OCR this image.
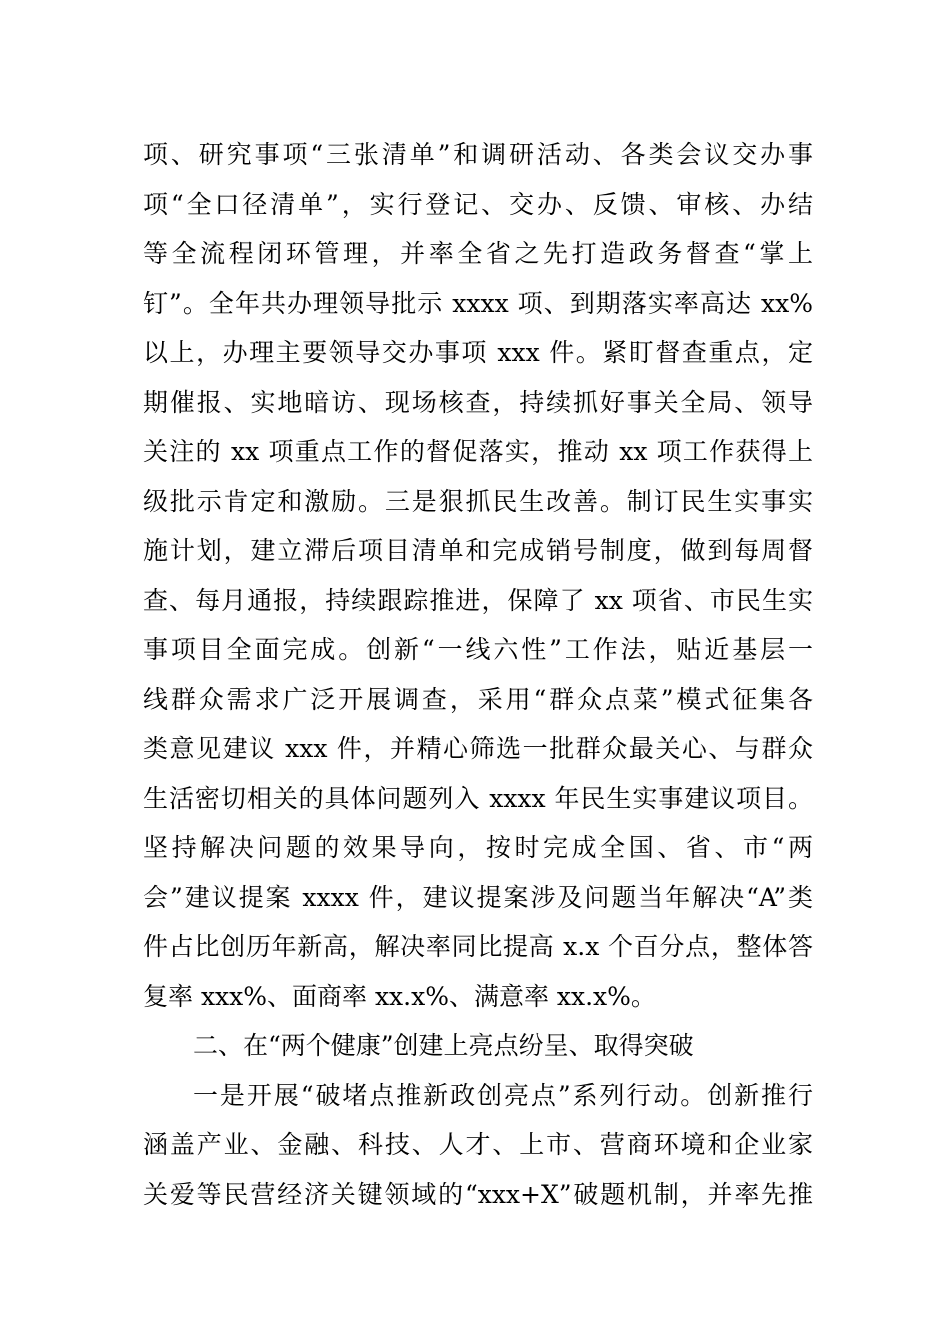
项、研究事项“三张清单”和调研活动、各类会议交办事
项“全口径清单”，实行登记、交办、反馈、审核、办结
等全流程闭环管理，并率全省之先打造政务督查“掌上
钉”。全年共办理领导批示 xxxx 项、到期落实率高达 xx%
以上，办理主要领导交办事项 xxx 件。紧盯督查重点，定
期催报、实地暗访、现场核查，持续抓好事关全局、领导
关注的 xx 项重点工作的督促落实，推动 xx 项工作获得上
级批示肯定和激励。三是狠抓民生改善。制订民生实事实
施计划，建立滞后项目清单和完成销号制度，做到每周督
查、每月通报，持续跟踪推进，保障了 xx 项省、市民生实
事项目全面完成。创新“一线六性”工作法，贴近基层一
线群众需求广泛开展调查，采用“群众点菜”模式征集各
类意见建议 xxx 件，并精心筛选一批群众最关心、与群众
生活密切相关的具体问题列入 xxxx 年民生实事建议项目。
坚持解决问题的效果导向，按时完成全国、省、市“两
会”建议提案 xxxx 件，建议提案涉及问题当年解决“A”类
件占比创历年新高，解决率同比提高 x.x 个百分点，整体答
复率 xxx%、面商率 xx.x%、满意率 xx.x%。
二、在“两个健康”创建上亮点纷呈、取得突破
一是开展“破堵点推新政创亮点”系列行动。创新推行
涵盖产业、金融、科技、人才、上市、营商环境和企业家
关爱等民营经济关键领域的“xxx+X”破题机制，并率先推
